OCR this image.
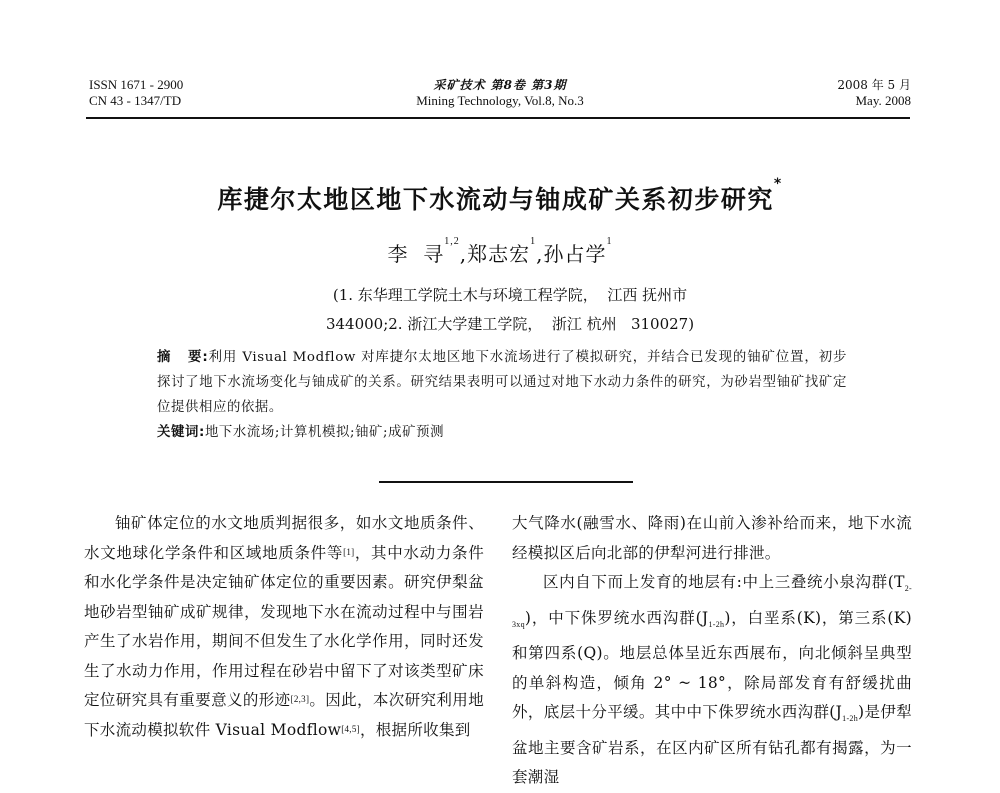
ISSN 1671 - 2900
CN 43 - 1347/TD
采矿技术 第8卷 第3期
Mining Technology, Vol.8, No.3
2008 年 5 月
May. 2008
库捷尔太地区地下水流动与铀成矿关系初步研究*
李  寻$^{1,2}$,郑志宏$^1$,孙占学$^1$
(1. 东华理工学院土木与环境工程学院，  江西 抚州市
344000;2. 浙江大学建工学院，  浙江 杭州   310027)

摘   要:利用 Visual Modflow 对库捷尔太地区地下水流场进行了模拟研究，并结合已发现的铀矿位置，初步探讨了地下水流场变化与铀成矿的关系。研究结果表明可以通过对地下水动力条件的研究，为砂岩型铀矿找矿定位提供相应的依据。

关键词:地下水流场;计算机模拟;铀矿;成矿预测

铀矿体定位的水文地质判据很多，如水文地质条件、水文地球化学条件和区域地质条件等[1]，其中水动力条件和水化学条件是决定铀矿体定位的重要因素。研究伊梨盆地砂岩型铀矿成矿规律，发现地下水在流动过程中与围岩产生了水岩作用，期间不但发生了水化学作用，同时还发生了水动力作用，作用过程在砂岩中留下了对该类型矿床定位研究具有重要意义的形迹[2,3]。因此，本次研究利用地下水流动模拟软件 Visual Modflow[4,5]，根据所收集到

大气降水(融雪水、降雨)在山前入渗补给而来，地下水流经模拟区后向北部的伊犁河进行排泄。

区内自下而上发育的地层有:中上三叠统小泉沟群$(T_{2-3xq})$，中下侏罗统水西沟群$(J_{1-2h})$，白垩系(K)，第三系(K)和第四系(Q)。地层总体呈近东西展布，向北倾斜呈典型的单斜构造，倾角 2° ~ 18°，除局部发育有舒缓扰曲外，底层十分平缓。其中中下侏罗统水西沟群$(J_{1-2h})$是伊犁盆地主要含矿岩系，在区内矿区所有钻孔都有揭露，为一套潮湿
